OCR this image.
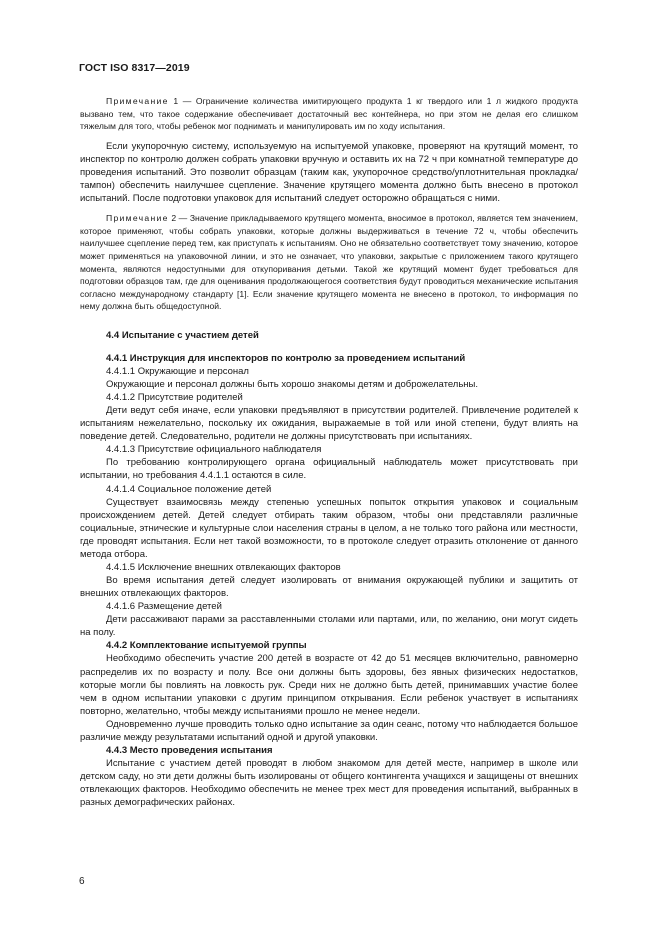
ГОСТ ISO 8317—2019

Примечание 1 — Ограничение количества имитирующего продукта 1 кг твердого или 1 л жидкого продукта вызвано тем, что такое содержание обеспечивает достаточный вес контейнера, но при этом не делая его слишком тяжелым для того, чтобы ребенок мог поднимать и манипулировать им по ходу испытания.

Если укупорочную систему, используемую на испытуемой упаковке, проверяют на крутящий момент, то инспектор по контролю должен собрать упаковки вручную и оставить их на 72 ч при комнатной температуре до проведения испытаний. Это позволит образцам (таким как, укупорочное средство/уплотнительная прокладка/тампон) обеспечить наилучшее сцепление. Значение крутящего момента должно быть внесено в протокол испытаний. После подготовки упаковок для испытаний следует осторожно обращаться с ними.

Примечание 2 — Значение прикладываемого крутящего момента, вносимое в протокол, является тем значением, которое применяют, чтобы собрать упаковки, которые должны выдерживаться в течение 72 ч, чтобы обеспечить наилучшее сцепление перед тем, как приступать к испытаниям. Оно не обязательно соответствует тому значению, которое может применяться на упаковочной линии, и это не означает, что упаковки, закрытые с приложением такого крутящего момента, являются недоступными для откупоривания детьми. Такой же крутящий момент будет требоваться для подготовки образцов там, где для оценивания продолжающегося соответствия будут проводиться механические испытания согласно международному стандарту [1]. Если значение крутящего момента не внесено в протокол, то информация по нему должна быть общедоступной.

4.4 Испытание с участием детей

4.4.1 Инструкция для инспекторов по контролю за проведением испытаний

4.4.1.1 Окружающие и персонал

Окружающие и персонал должны быть хорошо знакомы детям и доброжелательны.

4.4.1.2 Присутствие родителей

Дети ведут себя иначе, если упаковки предъявляют в присутствии родителей. Привлечение родителей к испытаниям нежелательно, поскольку их ожидания, выражаемые в той или иной степени, будут влиять на поведение детей. Следовательно, родители не должны присутствовать при испытаниях.

4.4.1.3 Присутствие официального наблюдателя

По требованию контролирующего органа официальный наблюдатель может присутствовать при испытании, но требования 4.4.1.1 остаются в силе.

4.4.1.4 Социальное положение детей

Существует взаимосвязь между степенью успешных попыток открытия упаковок и социальным происхождением детей. Детей следует отбирать таким образом, чтобы они представляли различные социальные, этнические и культурные слои населения страны в целом, а не только того района или местности, где проводят испытания. Если нет такой возможности, то в протоколе следует отразить отклонение от данного метода отбора.

4.4.1.5 Исключение внешних отвлекающих факторов

Во время испытания детей следует изолировать от внимания окружающей публики и защитить от внешних отвлекающих факторов.

4.4.1.6 Размещение детей

Дети рассаживают парами за расставленными столами или партами, или, по желанию, они могут сидеть на полу.

4.4.2 Комплектование испытуемой группы

Необходимо обеспечить участие 200 детей в возрасте от 42 до 51 месяцев включительно, равномерно распределив их по возрасту и полу. Все они должны быть здоровы, без явных физических недостатков, которые могли бы повлиять на ловкость рук. Среди них не должно быть детей, принимавших участие более чем в одном испытании упаковки с другим принципом открывания. Если ребенок участвует в испытаниях повторно, желательно, чтобы между испытаниями прошло не менее недели.

Одновременно лучше проводить только одно испытание за один сеанс, потому что наблюдается большое различие между результатами испытаний одной и другой упаковки.

4.4.3 Место проведения испытания

Испытание с участием детей проводят в любом знакомом для детей месте, например в школе или детском саду, но эти дети должны быть изолированы от общего контингента учащихся и защищены от внешних отвлекающих факторов. Необходимо обеспечить не менее трех мест для проведения испытаний, выбранных в разных демографических районах.

6
